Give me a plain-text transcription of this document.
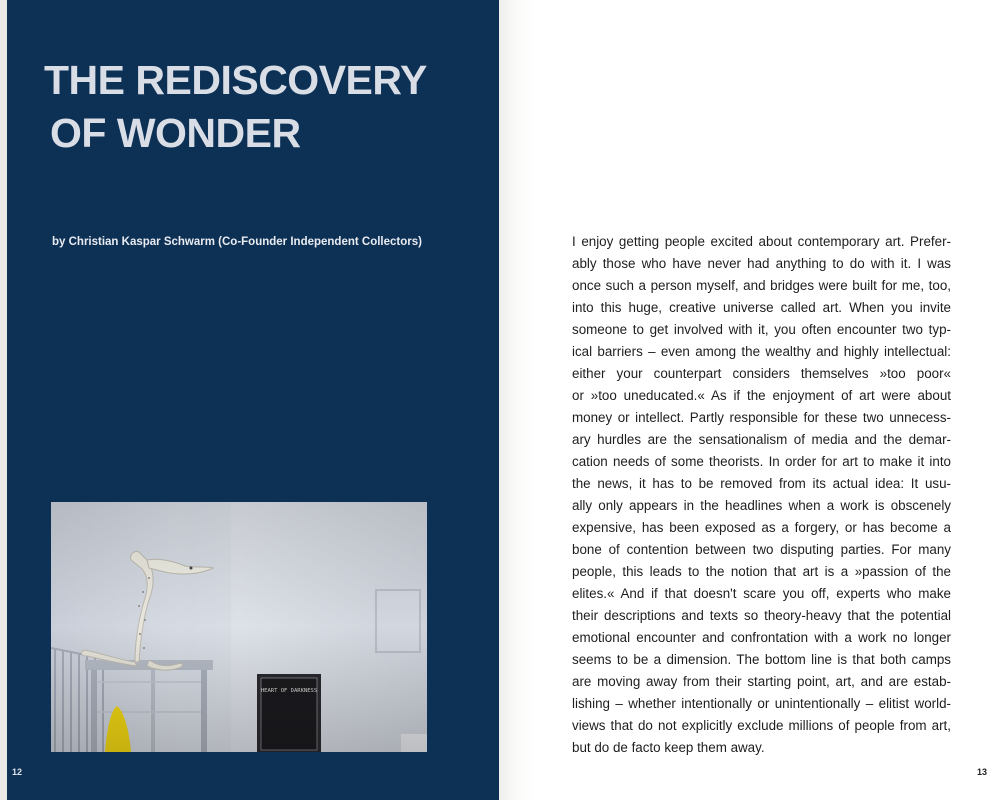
THE REDISCOVERY
OF WONDER

by Christian Kaspar Schwarm (Co-Founder Independent Collectors)

12
I enjoy getting people excited about contemporary art. Prefer-
ably those who have never had anything to do with it. I was
once such a person myself, and bridges were built for me, too,
into this huge, creative universe called art. When you invite
someone to get involved with it, you often encounter two typ-
ical barriers – even among the wealthy and highly intellectual:
either your counterpart considers themselves »too poor«
or »too uneducated.« As if the enjoyment of art were about
money or intellect. Partly responsible for these two unnecess-
ary hurdles are the sensationalism of media and the demar-
cation needs of some theorists. In order for art to make it into
the news, it has to be removed from its actual idea: It usu-
ally only appears in the headlines when a work is obscenely
expensive, has been exposed as a forgery, or has become a
bone of contention between two disputing parties. For many
people, this leads to the notion that art is a »passion of the
elites.« And if that doesn't scare you off, experts who make
their descriptions and texts so theory-heavy that the potential
emotional encounter and confrontation with a work no longer
seems to be a dimension. The bottom line is that both camps
are moving away from their starting point, art, and are estab-
lishing – whether intentionally or unintentionally – elitist world-
views that do not explicitly exclude millions of people from art,
but do de facto keep them away.
13
